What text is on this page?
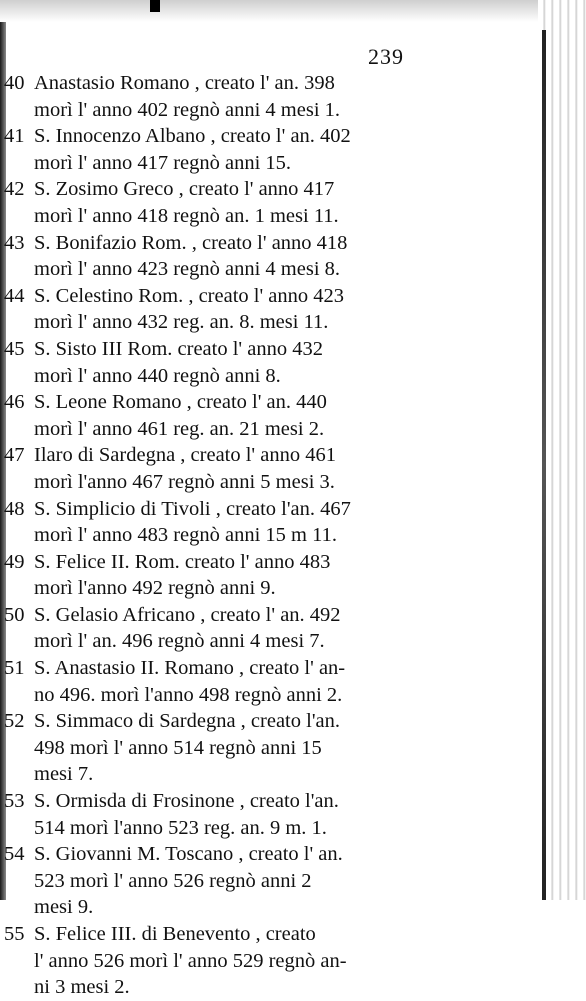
239
40 Anastasio Romano , creato l' an. 398
morì l' anno 402 regnò anni 4 mesi 1.
41 S. Innocenzo Albano , creato l' an. 402
morì l' anno 417 regnò anni 15.
42 S. Zosimo Greco , creato l' anno 417
morì l' anno 418 regnò an. 1 mesi 11.
43 S. Bonifazio Rom. , creato l' anno 418
morì l' anno 423 regnò anni 4 mesi 8.
44 S. Celestino Rom. , creato l' anno 423
morì l' anno 432 reg. an. 8. mesi 11.
45 S. Sisto III Rom. creato l' anno 432
morì l' anno 440 regnò anni 8.
46 S. Leone Romano , creato l' an. 440
morì l' anno 461 reg. an. 21 mesi 2.
47 Ilaro di Sardegna , creato l' anno 461
morì l'anno 467 regnò anni 5 mesi 3.
48 S. Simplicio di Tivoli , creato l'an. 467
morì l' anno 483 regnò anni 15 m 11.
49 S. Felice II. Rom. creato l' anno 483
morì l'anno 492 regnò anni 9.
50 S. Gelasio Africano , creato l' an. 492
morì l' an. 496 regnò anni 4 mesi 7.
51 S. Anastasio II. Romano , creato l' an-
no 496. morì l'anno 498 regnò anni 2.
52 S. Simmaco di Sardegna , creato l'an.
498 morì l' anno 514 regnò anni 15
mesi 7.
53 S. Ormisda di Frosinone , creato l'an.
514 morì l'anno 523 reg. an. 9 m. 1.
54 S. Giovanni M. Toscano , creato l' an.
523 morì l' anno 526 regnò anni 2
mesi 9.
55 S. Felice III. di Benevento , creato
l' anno 526 morì l' anno 529 regnò an-
ni 3 mesi 2.
